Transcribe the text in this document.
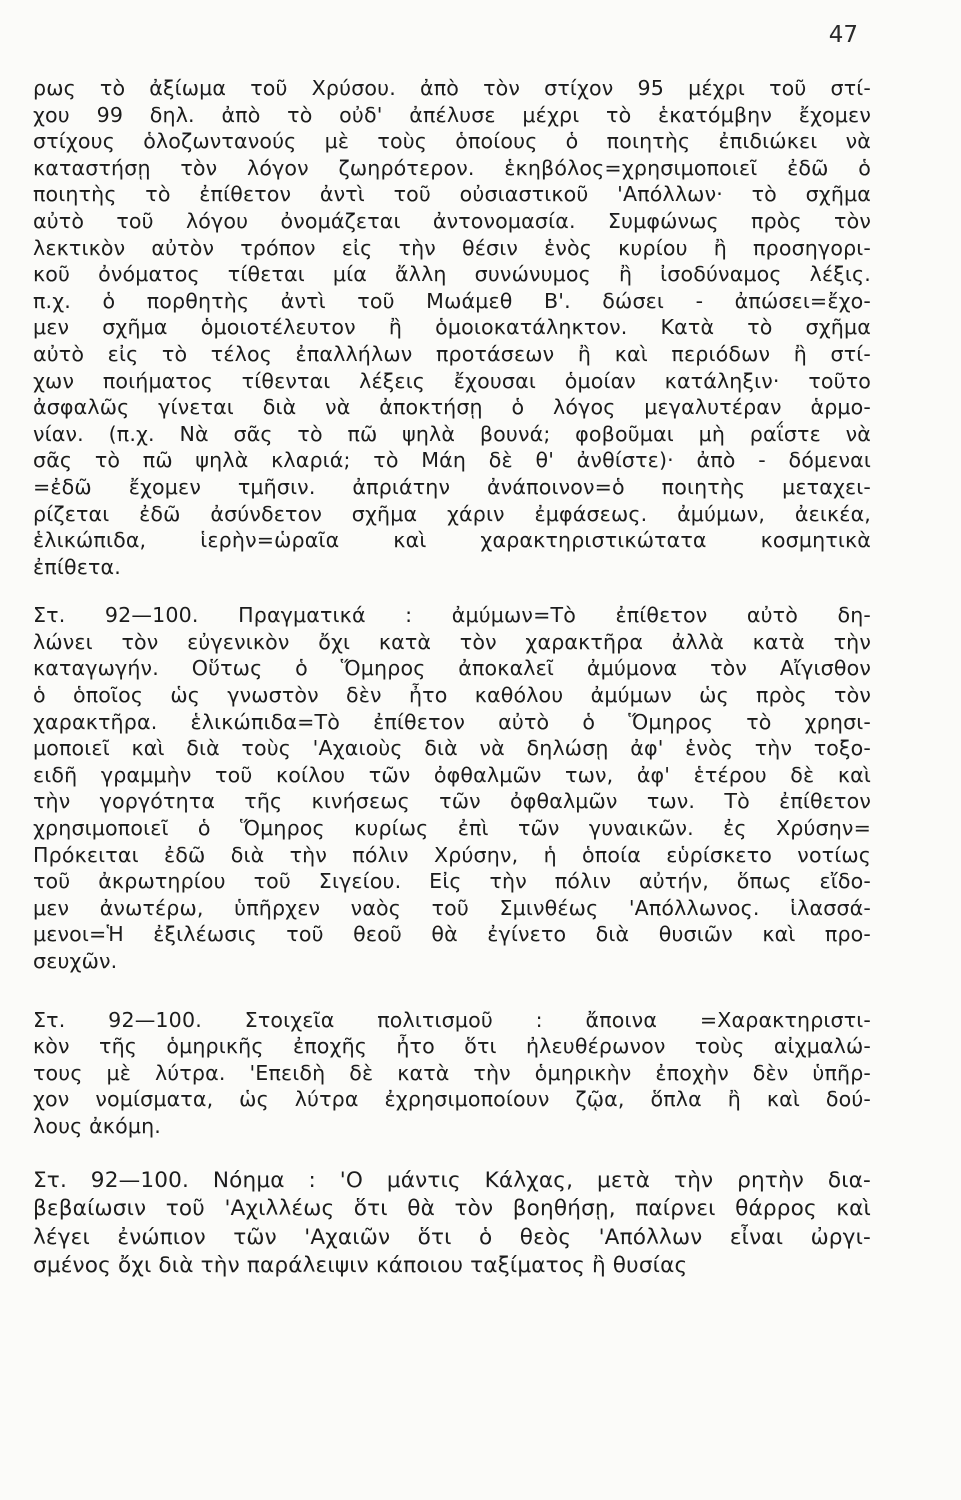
47
ρως τὸ ἀξίωμα τοῦ Χρύσου. ἀπὸ τὸν στίχον 95 μέχρι τοῦ στί-
χου 99 δηλ. ἀπὸ τὸ οὐδ' ἀπέλυσε μέχρι τὸ ἑκατόμβην ἔχομεν
στίχους ὁλοζωντανούς μὲ τοὺς ὁποίους ὁ ποιητὴς ἐπιδιώκει νὰ
καταστήσῃ τὸν λόγον ζωηρότερον. ἑκηβόλος=χρησιμοποιεῖ ἐδῶ ὁ
ποιητὴς τὸ ἐπίθετον ἀντὶ τοῦ οὐσιαστικοῦ 'Απόλλων· τὸ σχῆμα
αὐτὸ τοῦ λόγου ὀνομάζεται ἀντονομασία. Συμφώνως πρὸς τὸν
λεκτικὸν αὐτὸν τρόπον εἰς τὴν θέσιν ἑνὸς κυρίου ἢ προσηγορι-
κοῦ ὀνόματος τίθεται μία ἄλλη συνώνυμος ἢ ἰσοδύναμος λέξις.
π.χ. ὁ πορθητὴς ἀντὶ τοῦ Μωάμεθ Β'. δώσει - ἀπώσει=ἔχο-
μεν σχῆμα ὁμοιοτέλευτον ἢ ὁμοιοκατάληκτον. Κατὰ τὸ σχῆμα
αὐτὸ εἰς τὸ τέλος ἐπαλλήλων προτάσεων ἢ καὶ περιόδων ἢ στί-
χων ποιήματος τίθενται λέξεις ἔχουσαι ὁμοίαν κατάληξιν· τοῦτο
ἀσφαλῶς γίνεται διὰ νὰ ἀποκτήσῃ ὁ λόγος μεγαλυτέραν ἁρμο-
νίαν. (π.χ. Νὰ σᾶς τὸ πῶ ψηλὰ βουνά; φοβοῦμαι μὴ ραΐστε νὰ
σᾶς τὸ πῶ ψηλὰ κλαριά; τὸ Μάη δὲ θ' ἀνθίστε)· ἀπὸ - δόμεναι
=ἐδῶ ἔχομεν τμῆσιν. ἀπριάτην ἀνάποινον=ὁ ποιητὴς μεταχει-
ρίζεται ἐδῶ ἀσύνδετον σχῆμα χάριν ἐμφάσεως. ἀμύμων, ἀεικέα,
ἑλικώπιδα, ἱερὴν=ὡραῖα καὶ χαρακτηριστικώτατα κοσμητικὰ
ἐπίθετα.
Στ. 92—100. Πραγματικά : ἀμύμων=Τὸ ἐπίθετον αὐτὸ δη-
λώνει τὸν εὐγενικὸν ὄχι κατὰ τὸν χαρακτῆρα ἀλλὰ κατὰ τὴν
καταγωγήν. Οὕτως ὁ Ὅμηρος ἀποκαλεῖ ἀμύμονα τὸν Αἴγισθον
ὁ ὁποῖος ὡς γνωστὸν δὲν ἦτο καθόλου ἀμύμων ὡς πρὸς τὸν
χαρακτῆρα. ἑλικώπιδα=Τὸ ἐπίθετον αὐτὸ ὁ Ὅμηρος τὸ χρησι-
μοποιεῖ καὶ διὰ τοὺς 'Αχαιοὺς διὰ νὰ δηλώσῃ ἀφ' ἑνὸς τὴν τοξο-
ειδῆ γραμμὴν τοῦ κοίλου τῶν ὀφθαλμῶν των, ἀφ' ἑτέρου δὲ καὶ
τὴν γοργότητα τῆς κινήσεως τῶν ὀφθαλμῶν των. Τὸ ἐπίθετον
χρησιμοποιεῖ ὁ Ὅμηρος κυρίως ἐπὶ τῶν γυναικῶν. ἐς Χρύσην=
Πρόκειται ἐδῶ διὰ τὴν πόλιν Χρύσην, ἡ ὁποία εὑρίσκετο νοτίως
τοῦ ἀκρωτηρίου τοῦ Σιγείου. Εἰς τὴν πόλιν αὐτήν, ὅπως εἴδο-
μεν ἀνωτέρω, ὑπῆρχεν ναὸς τοῦ Σμινθέως 'Απόλλωνος. ἱλασσά-
μενοι=Ἡ ἐξιλέωσις τοῦ θεοῦ θὰ ἐγίνετο διὰ θυσιῶν καὶ προ-
σευχῶν.
Στ. 92—100. Στοιχεῖα πολιτισμοῦ : ἄποινα =Χαρακτηριστι-
κὸν τῆς ὁμηρικῆς ἐποχῆς ἦτο ὅτι ἠλευθέρωνον τοὺς αἰχμαλώ-
τους μὲ λύτρα. 'Επειδὴ δὲ κατὰ τὴν ὁμηρικὴν ἐποχὴν δὲν ὑπῆρ-
χον νομίσματα, ὡς λύτρα ἐχρησιμοποίουν ζῷα, ὅπλα ἢ καὶ δού-
λους ἀκόμη.
Στ. 92—100. Νόημα : 'Ο μάντις Κάλχας, μετὰ τὴν ρητὴν δια-
βεβαίωσιν τοῦ 'Αχιλλέως ὅτι θὰ τὸν βοηθήσῃ, παίρνει θάρρος καὶ
λέγει ἐνώπιον τῶν 'Αχαιῶν ὅτι ὁ θεὸς 'Απόλλων εἶναι ὠργι-
σμένος ὄχι διὰ τὴν παράλειψιν κάποιου ταξίματος ἢ θυσίας
